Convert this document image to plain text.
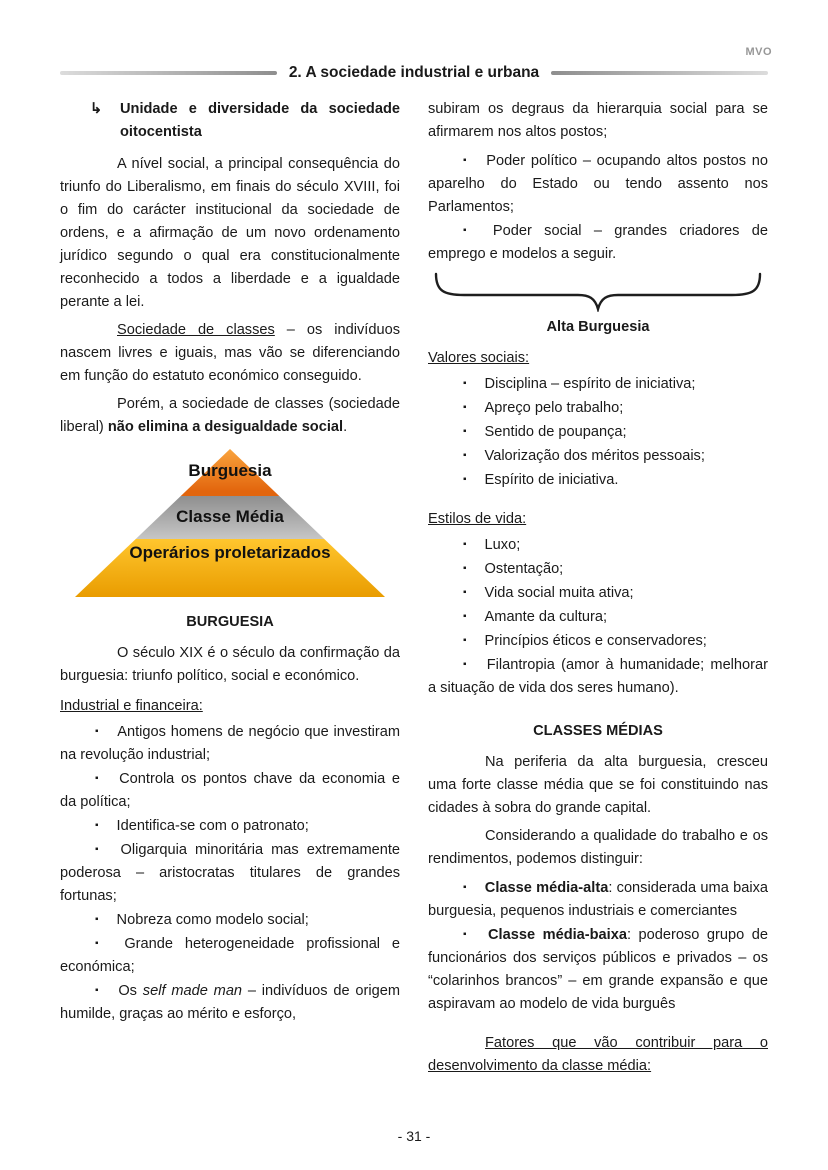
MVO
2. A sociedade industrial e urbana
↳ Unidade e diversidade da sociedade oitocentista

A nível social, a principal consequência do triunfo do Liberalismo, em finais do século XVIII, foi o fim do carácter institucional da sociedade de ordens, e a afirmação de um novo ordenamento jurídico segundo o qual era constitucionalmente reconhecido a todos a liberdade e a igualdade perante a lei.

Sociedade de classes – os indivíduos nascem livres e iguais, mas vão se diferenciando em função do estatuto económico conseguido.

Porém, a sociedade de classes (sociedade liberal) não elimina a desigualdade social.

Burguesia
Classe Média
Operários proletarizados
BURGUESIA

O século XIX é o século da confirmação da burguesia: triunfo político, social e económico.

Industrial e financeira:
▪ Antigos homens de negócio que investiram na revolução industrial;
▪ Controla os pontos chave da economia e da política;
▪ Identifica-se com o patronato;
▪ Oligarquia minoritária mas extremamente poderosa – aristocratas titulares de grandes fortunas;
▪ Nobreza como modelo social;
▪ Grande heterogeneidade profissional e económica;
▪ Os self made man – indivíduos de origem humilde, graças ao mérito e esforço,

subiram os degraus da hierarquia social para se afirmarem nos altos postos;

▪ Poder político – ocupando altos postos no aparelho do Estado ou tendo assento nos Parlamentos;
▪ Poder social – grandes criadores de emprego e modelos a seguir.
Alta Burguesia
Valores sociais:
▪ Disciplina – espírito de iniciativa;
▪ Apreço pelo trabalho;
▪ Sentido de poupança;
▪ Valorização dos méritos pessoais;
▪ Espírito de iniciativa.
Estilos de vida:
▪ Luxo;
▪ Ostentação;
▪ Vida social muita ativa;
▪ Amante da cultura;
▪ Princípios éticos e conservadores;
▪ Filantropia (amor à humanidade; melhorar a situação de vida dos seres humano).
CLASSES MÉDIAS

Na periferia da alta burguesia, cresceu uma forte classe média que se foi constituindo nas cidades à sobra do grande capital.

Considerando a qualidade do trabalho e os rendimentos, podemos distinguir:

▪ Classe média-alta: considerada uma baixa burguesia, pequenos industriais e comerciantes
▪ Classe média-baixa: poderoso grupo de funcionários dos serviços públicos e privados – os “colarinhos brancos” – em grande expansão e que aspiravam ao modelo de vida burguês

Fatores que vão contribuir para o desenvolvimento da classe média:

- 31 -
